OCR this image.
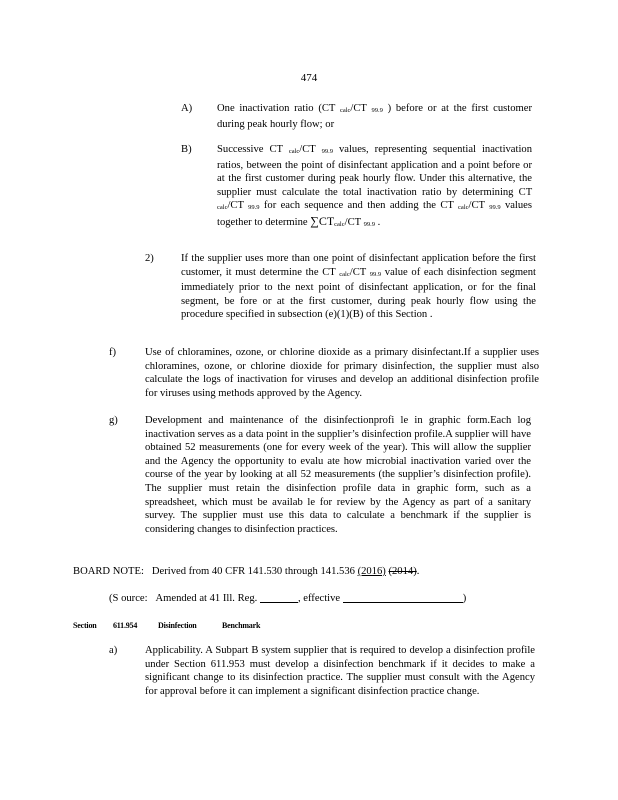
474
A) One inactivation ratio (CT $_{calc}$/CT $_{99.9}$ ) before or at the first customer during peak hourly flow; or
B) Successive CT $_{calc}$/CT $_{99.9}$ values, representing sequential inactivation ratios, between the point of disinfectant application and a point before or at the first customer during peak hourly flow. Under this alternative, the supplier must calculate the total inactivation ratio by determining CT $_{calc}$/CT $_{99.9}$ for each sequence and then adding the CT $_{calc}$/CT $_{99.9}$ values together to determine $\sum CT_{calc}/CT$ $_{99.9}$ .
2)	If the supplier uses more than one point of disinfectant application before the first customer, it must determine the CT $_{calc}$/CT $_{99.9}$ value of each disinfection segment immediately prior to the next point of disinfectant application, or for the final segment, be fore or at the first customer, during peak hourly flow using the procedure specified in subsection (e)(1)(B) of this Section .
f)	Use of chloramines, ozone, or chlorine dioxide as a primary disinfectant.If a supplier uses chloramines, ozone, or chlorine dioxide for primary disinfection, the supplier must also calculate the logs of inactivation for viruses and develop an additional disinfection profile for viruses using methods approved by the Agency.
g)	Development and maintenance of the disinfectionprofi le in graphic form.Each log inactivation serves as a data point in the supplier’s disinfection profile.A supplier will have obtained 52 measurements (one for every week of the year). This will allow the supplier and the Agency the opportunity to evalu ate how microbial inactivation varied over the course of the year by looking at all 52 measurements (the supplier’s disinfection profile). The supplier must retain the disinfection profile data in graphic form, such as a spreadsheet, which must be availab le for review by the Agency as part of a sanitary survey. The supplier must use this data to calculate a benchmark if the supplier is considering changes to disinfection practices.
BOARD NOTE: Derived from 40 CFR 141.530 through 141.536 (2016) (2014).
(S ource: Amended at 41 Ill. Reg.	, effective	)
Section 611.954	Disinfection	Benchmark
a)	Applicability. A Subpart B system supplier that is required to develop a disinfection profile under Section 611.953 must develop a disinfection benchmark if it decides to make a significant change to its disinfection practice. The supplier must consult with the Agency for approval before it can implement a significant disinfection practice change.
